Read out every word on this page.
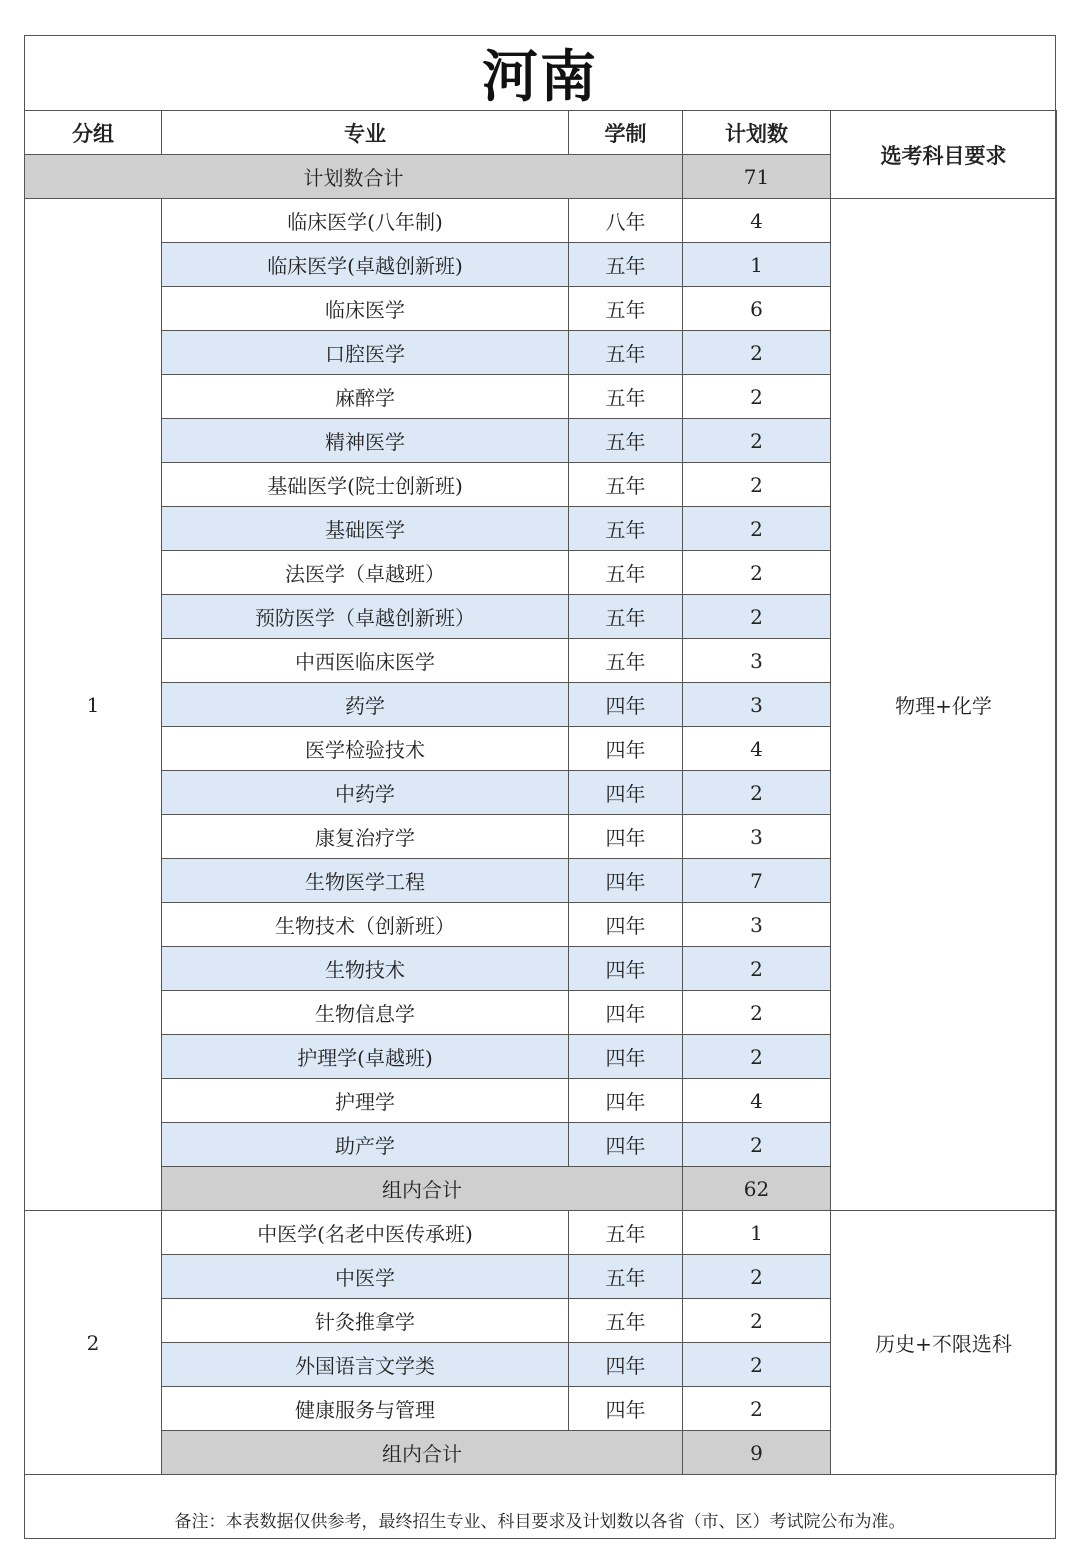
河南
分组	专业	学制	计划数	选考科目要求
计划数合计			71	
1	临床医学(八年制)	八年	4	物理+化学
	临床医学(卓越创新班)	五年	1	
	临床医学	五年	6	
	口腔医学	五年	2	
	麻醉学	五年	2	
	精神医学	五年	2	
	基础医学(院士创新班)	五年	2	
	基础医学	五年	2	
	法医学（卓越班）	五年	2	
	预防医学（卓越创新班）	五年	2	
	中西医临床医学	五年	3	
	药学	四年	3	
	医学检验技术	四年	4	
	中药学	四年	2	
	康复治疗学	四年	3	
	生物医学工程	四年	7	
	生物技术（创新班）	四年	3	
	生物技术	四年	2	
	生物信息学	四年	2	
	护理学(卓越班)	四年	2	
	护理学	四年	4	
	助产学	四年	2	
	组内合计		62	
2	中医学(名老中医传承班)	五年	1	历史+不限选科
	中医学	五年	2	
	针灸推拿学	五年	2	
	外国语言文学类	四年	2	
	健康服务与管理	四年	2	
	组内合计		9	
备注：本表数据仅供参考，最终招生专业、科目要求及计划数以各省（市、区）考试院公布为准。
